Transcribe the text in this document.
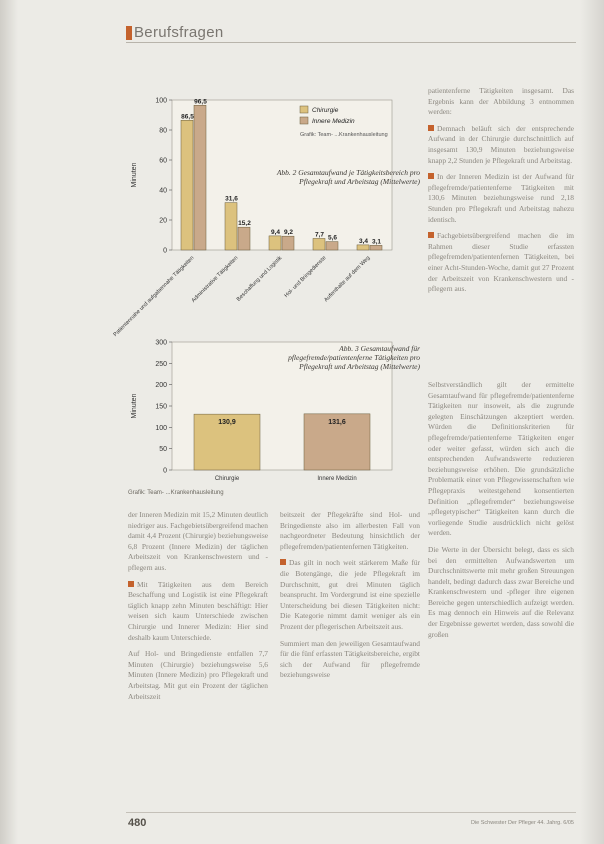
Berufsfragen
0
20
40
60
80
100
Minuten
86,5
31,6
9,4	7,7
3,4
96,5
15,2
9,2
5,6
3,1
Patientennahe und aufgabennahe Tätigkeiten
Administrative Tätigkeiten
Beschaffung und Logistik Hol- und Bringedienste
Aufenthalte auf dem Weg
Chirurgie
Innere Medizin
Grafik: Team- ...Krankenhausleitung
Abb. 2 Gesamtaufwand je Tätigkeitsbereich pro Pflegekraft und Arbeitstag (Mittelwerte)
0
50
100
150
200
250
300
Minuten
130,9
Chirurgie
131,6
Innere Medizin
Abb. 3 Gesamtaufwand für pflegefremde/patientenferne Tätigkeiten pro Pflegekraft und Arbeitstag (Mittelwerte)
Grafik: Team- ...Krankenhausleitung

patientenferne Tätigkeiten insgesamt. Das Ergebnis kann der Abbildung 3 entnommen werden:

Demnach beläuft sich der entsprechende Aufwand in der Chirurgie durchschnittlich auf insgesamt 130,9 Minuten beziehungsweise knapp 2,2 Stunden je Pflegekraft und Arbeitstag.

In der Inneren Medizin ist der Aufwand für pflegefremde/patientenferne Tätigkeiten mit 130,6 Minuten beziehungsweise rund 2,18 Stunden pro Pflegekraft und Arbeitstag nahezu identisch.

Fachgebietsübergreifend machen die im Rahmen dieser Studie erfassten pflegefremden/patientenfernen Tätigkeiten, bei einer Acht-Stunden-Woche, damit gut 27 Prozent der Arbeitszeit von Krankenschwestern und -pflegern aus.

Selbstverständlich gilt der ermittelte Gesamtaufwand für pflegefremde/patientenferne Tätigkeiten nur insoweit, als die zugrunde gelegten Einschätzungen akzeptiert werden. Würden die Definitionskriterien für pflegefremde/patientenferne Tätigkeiten enger oder weiter gefasst, würden sich auch die entsprechenden Aufwandswerte reduzieren beziehungsweise erhöhen. Die grundsätzliche Problematik einer von Pflegewissenschaften wie Pflegepraxis weitestgehend konsentierten Definition „pflegefremder“ beziehungsweise „pflegetypischer“ Tätigkeiten kann durch die vorliegende Studie ausdrücklich nicht gelöst werden.

Die Werte in der Übersicht belegt, dass es sich bei den ermittelten Aufwandswerten um Durchschnittswerte mit mehr großen Streuungen handelt, bedingt dadurch dass zwar Bereiche und Krankenschwestern und -pfleger ihre eigenen Bereiche gegen unterschiedlich aufzeigt werden. Es mag dennoch ein Hinweis auf die Relevanz der Ergebnisse gewertet werden, dass sowohl die großen

der Inneren Medizin mit 15,2 Minuten deutlich niedriger aus. Fachgebietsübergreifend machen damit 4,4 Prozent (Chirurgie) beziehungsweise 6,8 Prozent (Innere Medizin) der täglichen Arbeitszeit von Krankenschwestern und -pflegern aus.

Mit Tätigkeiten aus dem Bereich Beschaffung und Logistik ist eine Pflegekraft täglich knapp zehn Minuten beschäftigt: Hier weisen sich kaum Unterschiede zwischen Chirurgie und Innerer Medizin: Hier sind deshalb kaum Unterschiede.

Auf Hol- und Bringedienste entfallen 7,7 Minuten (Chirurgie) beziehungsweise 5,6 Minuten (Innere Medizin) pro Pflegekraft und Arbeitstag. Mit gut ein Prozent der täglichen Arbeitszeit

beitszeit der Pflegekräfte sind Hol- und Bringedienste also im allerbesten Fall von nachgeordneter Bedeutung hinsichtlich der pflegefremden/patientenfernen Tätigkeiten.

Das gilt in noch weit stärkerem Maße für die Botengänge, die jede Pflegekraft im Durchschnitt, gut drei Minuten täglich beansprucht. Im Vordergrund ist eine spezielle Unterscheidung bei diesen Tätigkeiten nicht: Die Kategorie nimmt damit weniger als ein Prozent der pflegerischen Arbeitszeit aus.

Summiert man den jeweiligen Gesamtaufwand für die fünf erfassten Tätigkeitsbereiche, ergibt sich der Aufwand für pflegefremde beziehungsweise

480	Die Schwester Der Pfleger 44. Jahrg. 6/05
